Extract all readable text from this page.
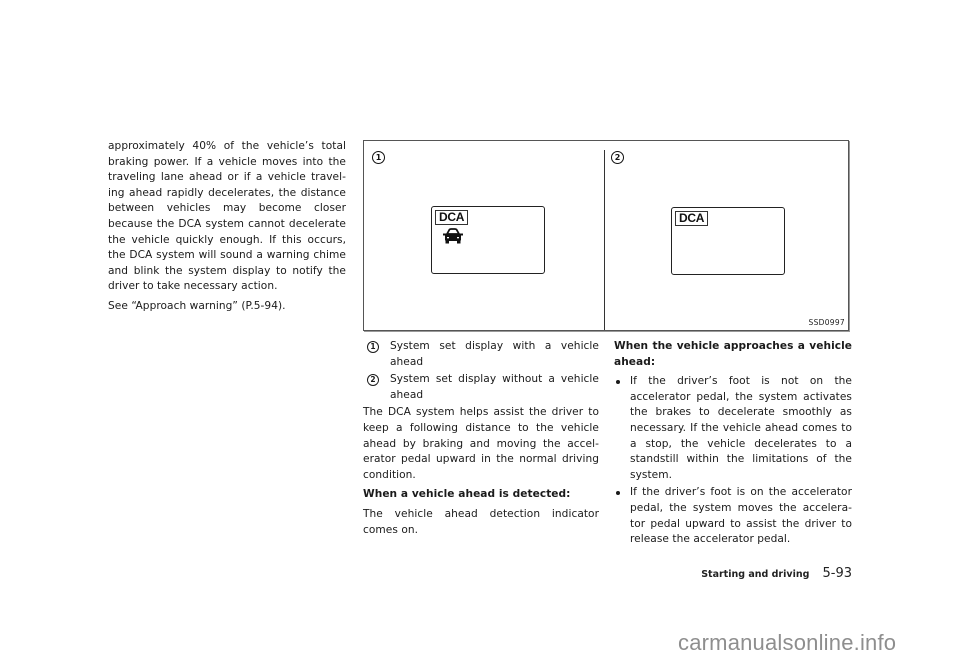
approximately 40% of the vehicle’s total braking power. If a vehicle moves into the traveling lane ahead or if a vehicle travel-ing ahead rapidly decelerates, the distance between vehicles may become closer because the DCA system cannot decelerate the vehicle quickly enough. If this occurs, the DCA system will sound a warning chime and blink the system display to notify the driver to take necessary action.

See “Approach warning” (P.5-94).

1
DCA
2
DCA
SSD0997
1	System set display with a vehicle ahead
2	System set display without a vehicle ahead

The DCA system helps assist the driver to keep a following distance to the vehicle ahead by braking and moving the accel-erator pedal upward in the normal driving condition.

When a vehicle ahead is detected:

The vehicle ahead detection indicator comes on.

When the vehicle approaches a vehicle ahead:

If the driver’s foot is not on the accelerator pedal, the system activates the brakes to decelerate smoothly as necessary. If the vehicle ahead comes to a stop, the vehicle decelerates to a standstill within the limitations of the system.
If the driver’s foot is on the accelerator pedal, the system moves the accelera-tor pedal upward to assist the driver to release the accelerator pedal.
Starting and driving 5-93
carmanualsonline.info
